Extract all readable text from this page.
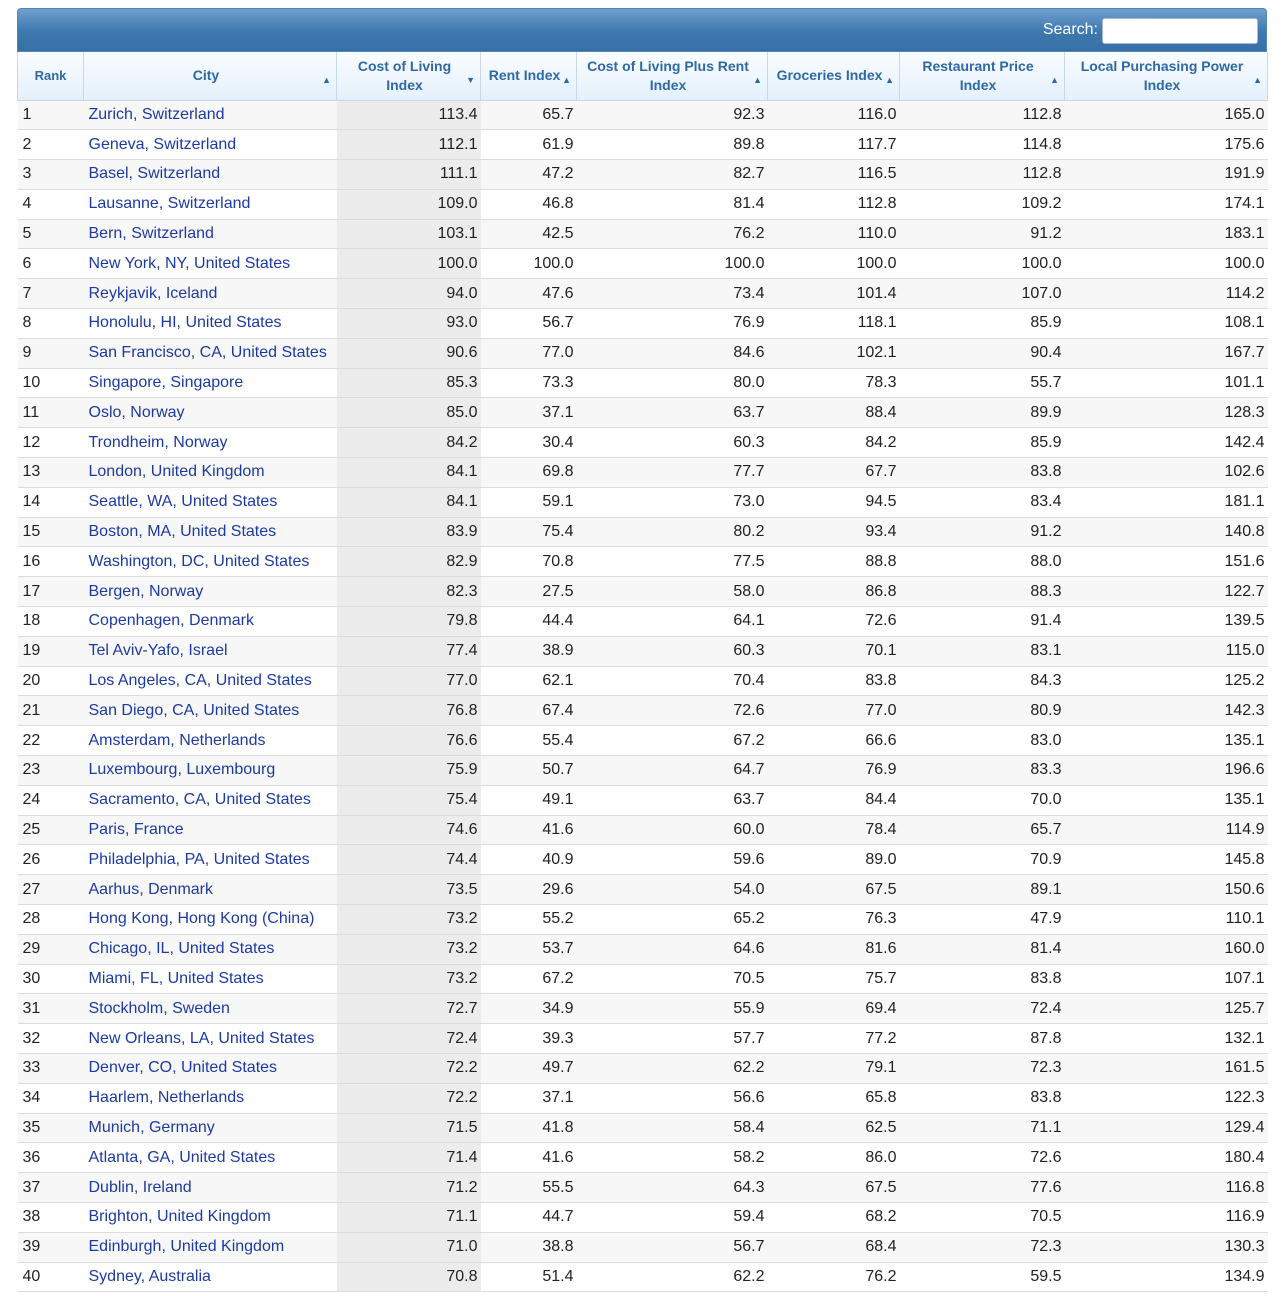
Search:
Rank	City ▲	Cost of Living Index ▼	Rent Index ▲	Cost of Living Plus Rent Index ▲	Groceries Index ▲	Restaurant Price Index ▲	Local Purchasing Power Index ▲

1	Zurich, Switzerland	113.4	65.7	92.3	116.0	112.8	165.0
2	Geneva, Switzerland	112.1	61.9	89.8	117.7	114.8	175.6
3	Basel, Switzerland	111.1	47.2	82.7	116.5	112.8	191.9
4	Lausanne, Switzerland	109.0	46.8	81.4	112.8	109.2	174.1
5	Bern, Switzerland	103.1	42.5	76.2	110.0	91.2	183.1
6	New York, NY, United States	100.0	100.0	100.0	100.0	100.0	100.0
7	Reykjavik, Iceland	94.0	47.6	73.4	101.4	107.0	114.2
8	Honolulu, HI, United States	93.0	56.7	76.9	118.1	85.9	108.1
9	San Francisco, CA, United States	90.6	77.0	84.6	102.1	90.4	167.7
10	Singapore, Singapore	85.3	73.3	80.0	78.3	55.7	101.1
11	Oslo, Norway	85.0	37.1	63.7	88.4	89.9	128.3
12	Trondheim, Norway	84.2	30.4	60.3	84.2	85.9	142.4
13	London, United Kingdom	84.1	69.8	77.7	67.7	83.8	102.6
14	Seattle, WA, United States	84.1	59.1	73.0	94.5	83.4	181.1
15	Boston, MA, United States	83.9	75.4	80.2	93.4	91.2	140.8
16	Washington, DC, United States	82.9	70.8	77.5	88.8	88.0	151.6
17	Bergen, Norway	82.3	27.5	58.0	86.8	88.3	122.7
18	Copenhagen, Denmark	79.8	44.4	64.1	72.6	91.4	139.5
19	Tel Aviv-Yafo, Israel	77.4	38.9	60.3	70.1	83.1	115.0
20	Los Angeles, CA, United States	77.0	62.1	70.4	83.8	84.3	125.2
21	San Diego, CA, United States	76.8	67.4	72.6	77.0	80.9	142.3
22	Amsterdam, Netherlands	76.6	55.4	67.2	66.6	83.0	135.1
23	Luxembourg, Luxembourg	75.9	50.7	64.7	76.9	83.3	196.6
24	Sacramento, CA, United States	75.4	49.1	63.7	84.4	70.0	135.1
25	Paris, France	74.6	41.6	60.0	78.4	65.7	114.9
26	Philadelphia, PA, United States	74.4	40.9	59.6	89.0	70.9	145.8
27	Aarhus, Denmark	73.5	29.6	54.0	67.5	89.1	150.6
28	Hong Kong, Hong Kong (China)	73.2	55.2	65.2	76.3	47.9	110.1
29	Chicago, IL, United States	73.2	53.7	64.6	81.6	81.4	160.0
30	Miami, FL, United States	73.2	67.2	70.5	75.7	83.8	107.1
31	Stockholm, Sweden	72.7	34.9	55.9	69.4	72.4	125.7
32	New Orleans, LA, United States	72.4	39.3	57.7	77.2	87.8	132.1
33	Denver, CO, United States	72.2	49.7	62.2	79.1	72.3	161.5
34	Haarlem, Netherlands	72.2	37.1	56.6	65.8	83.8	122.3
35	Munich, Germany	71.5	41.8	58.4	62.5	71.1	129.4
36	Atlanta, GA, United States	71.4	41.6	58.2	86.0	72.6	180.4
37	Dublin, Ireland	71.2	55.5	64.3	67.5	77.6	116.8
38	Brighton, United Kingdom	71.1	44.7	59.4	68.2	70.5	116.9
39	Edinburgh, United Kingdom	71.0	38.8	56.7	68.4	72.3	130.3
40	Sydney, Australia	70.8	51.4	62.2	76.2	59.5	134.9
